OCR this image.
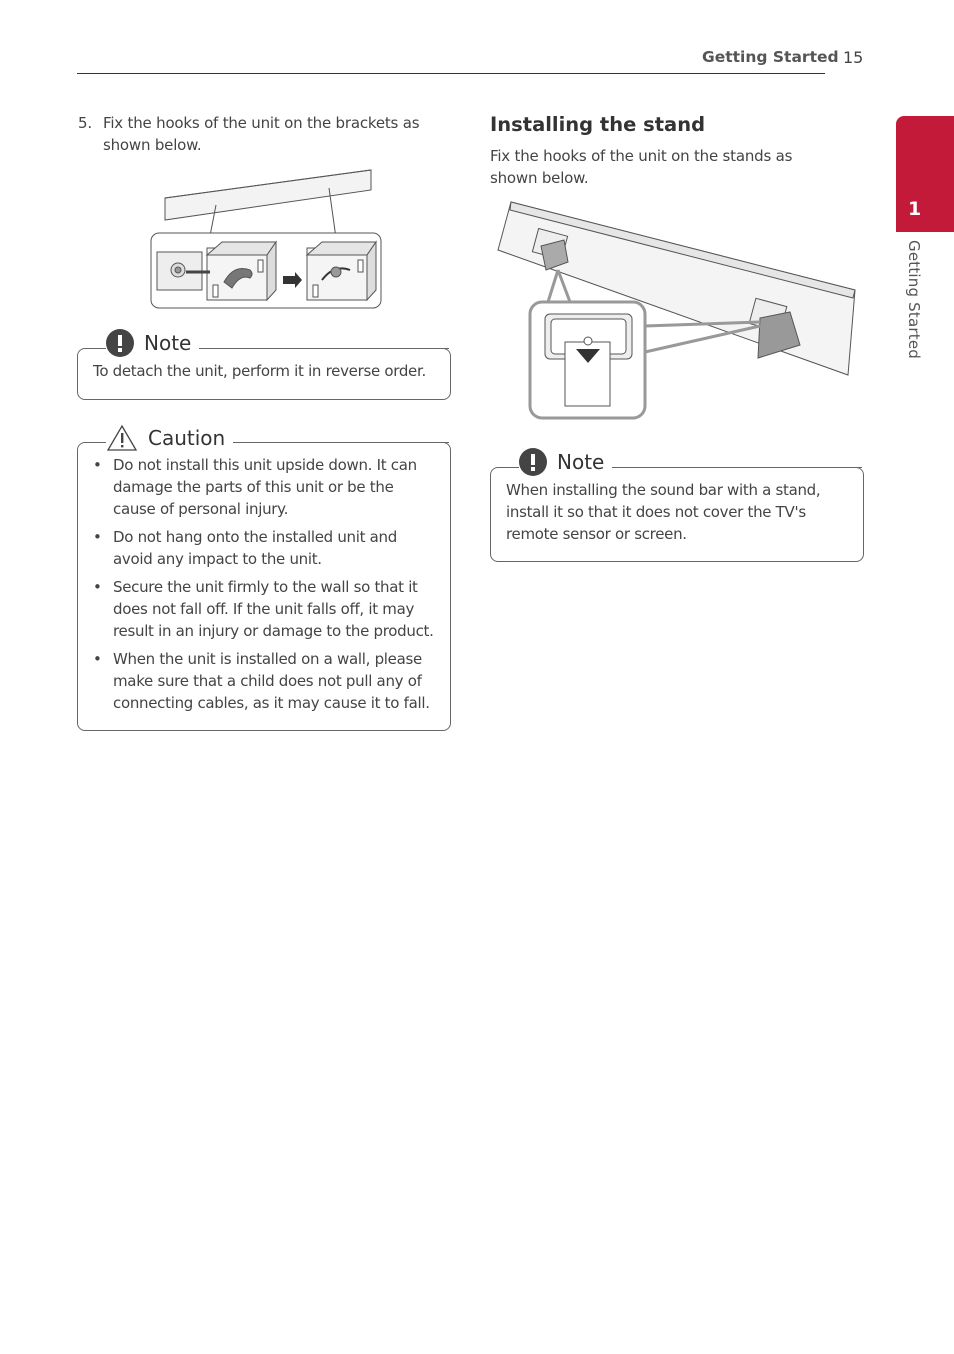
Getting Started 15
1
Getting Started
5. Fix the hooks of the unit on the brackets as shown below.
Note
To detach the unit, perform it in reverse order.
Caution
• Do not install this unit upside down. It can damage the parts of this unit or be the cause of personal injury.
• Do not hang onto the installed unit and avoid any impact to the unit.
• Secure the unit firmly to the wall so that it does not fall off. If the unit falls off, it may result in an injury or damage to the product.
• When the unit is installed on a wall, please make sure that a child does not pull any of connecting cables, as it may cause it to fall.
Installing the stand
Fix the hooks of the unit on the stands as shown below.
Note
When installing the sound bar with a stand, install it so that it does not cover the TV's remote sensor or screen.
